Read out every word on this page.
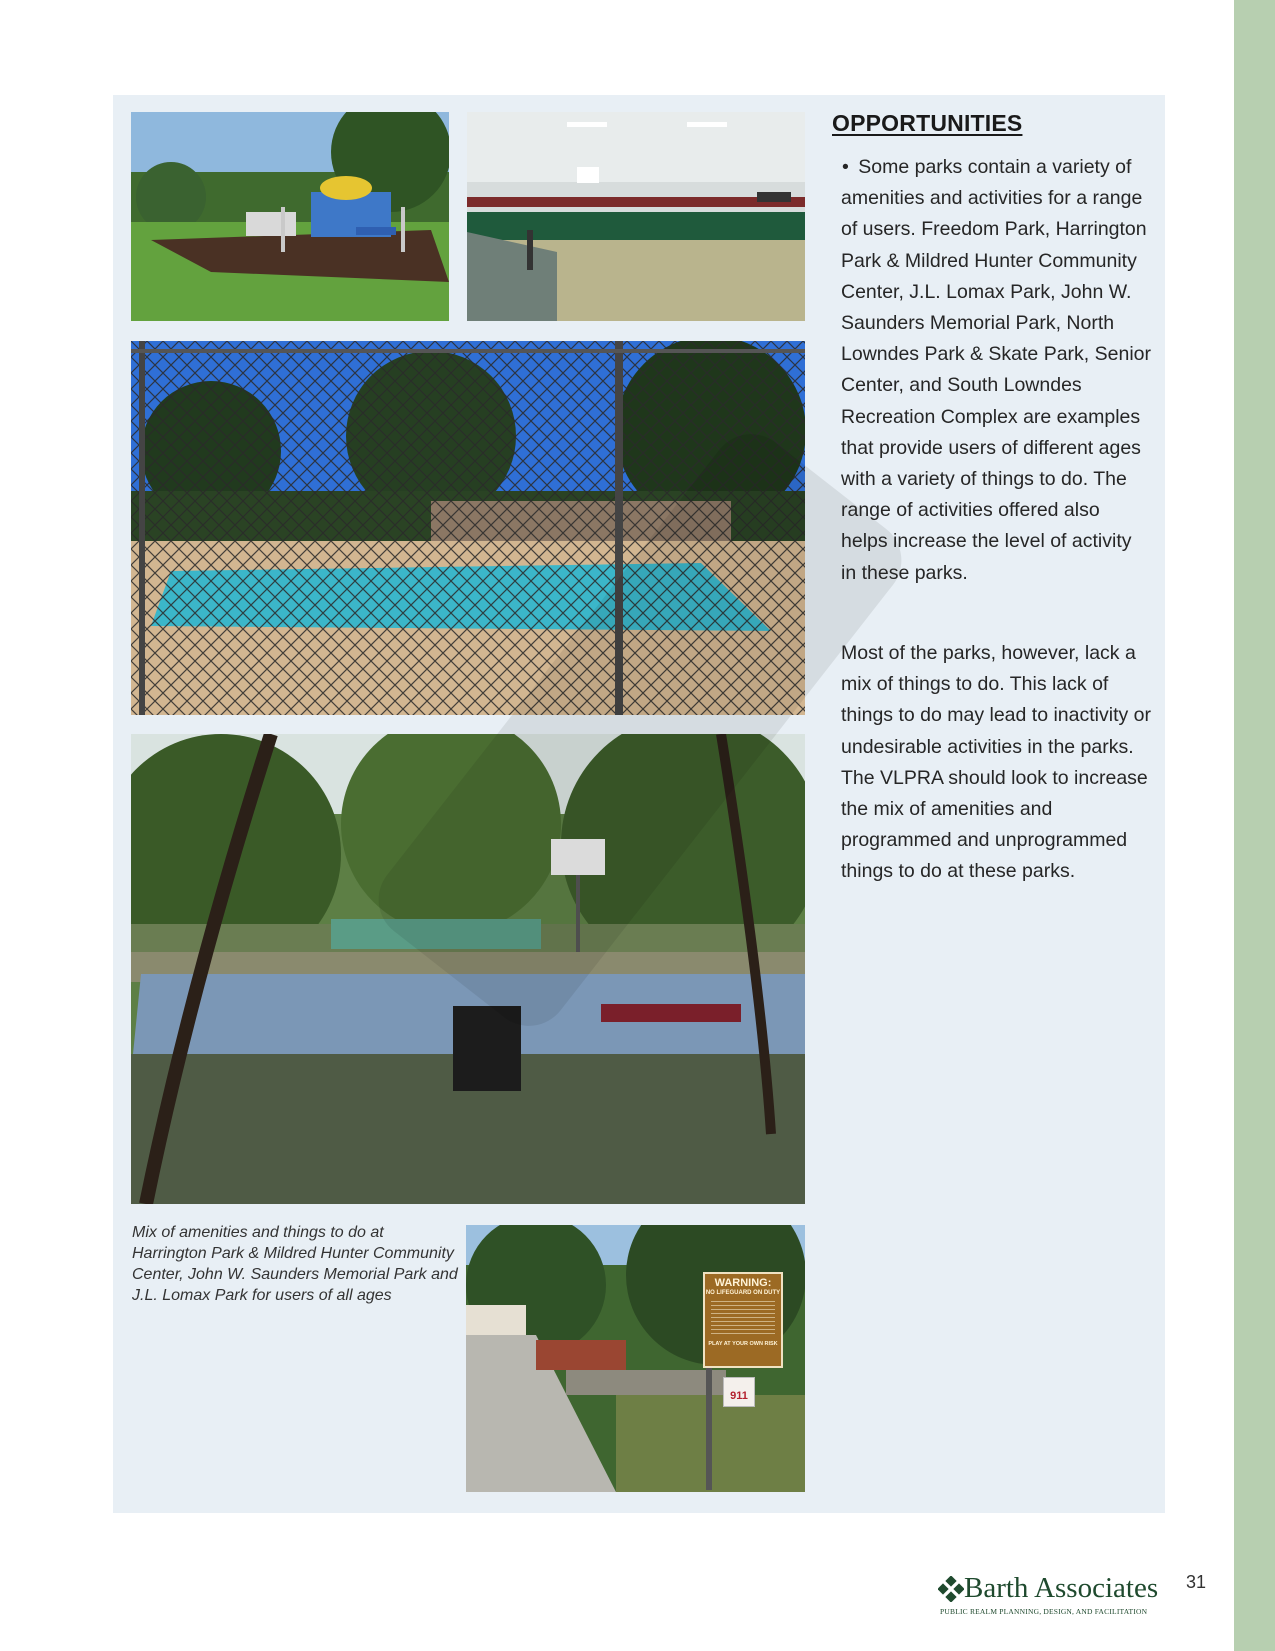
WARNING:
NO LIFEGUARD ON DUTY
PLAY AT YOUR OWN RISK
911
OPPORTUNITIES
• Some parks contain a variety of amenities and activities for a range of users. Freedom Park, Harrington Park & Mildred Hunter Community Center, J.L. Lomax Park, John W. Saunders Memorial Park, North Lowndes Park & Skate Park, Senior Center, and South Lowndes Recreation Complex are examples that provide users of different ages with a variety of things to do. The range of activities offered also helps increase the level of activity in these parks.
Most of the parks, however, lack a mix of things to do. This lack of things to do may lead to inactivity or undesirable activities in the parks. The VLPRA should look to increase the mix of amenities and programmed and unprogrammed things to do at these parks.
Mix of amenities and things to do at Harrington Park & Mildred Hunter Community Center, John W. Saunders Memorial Park and J.L. Lomax Park for users of all ages
Barth Associates
PUBLIC REALM PLANNING, DESIGN, AND FACILITATION
31
